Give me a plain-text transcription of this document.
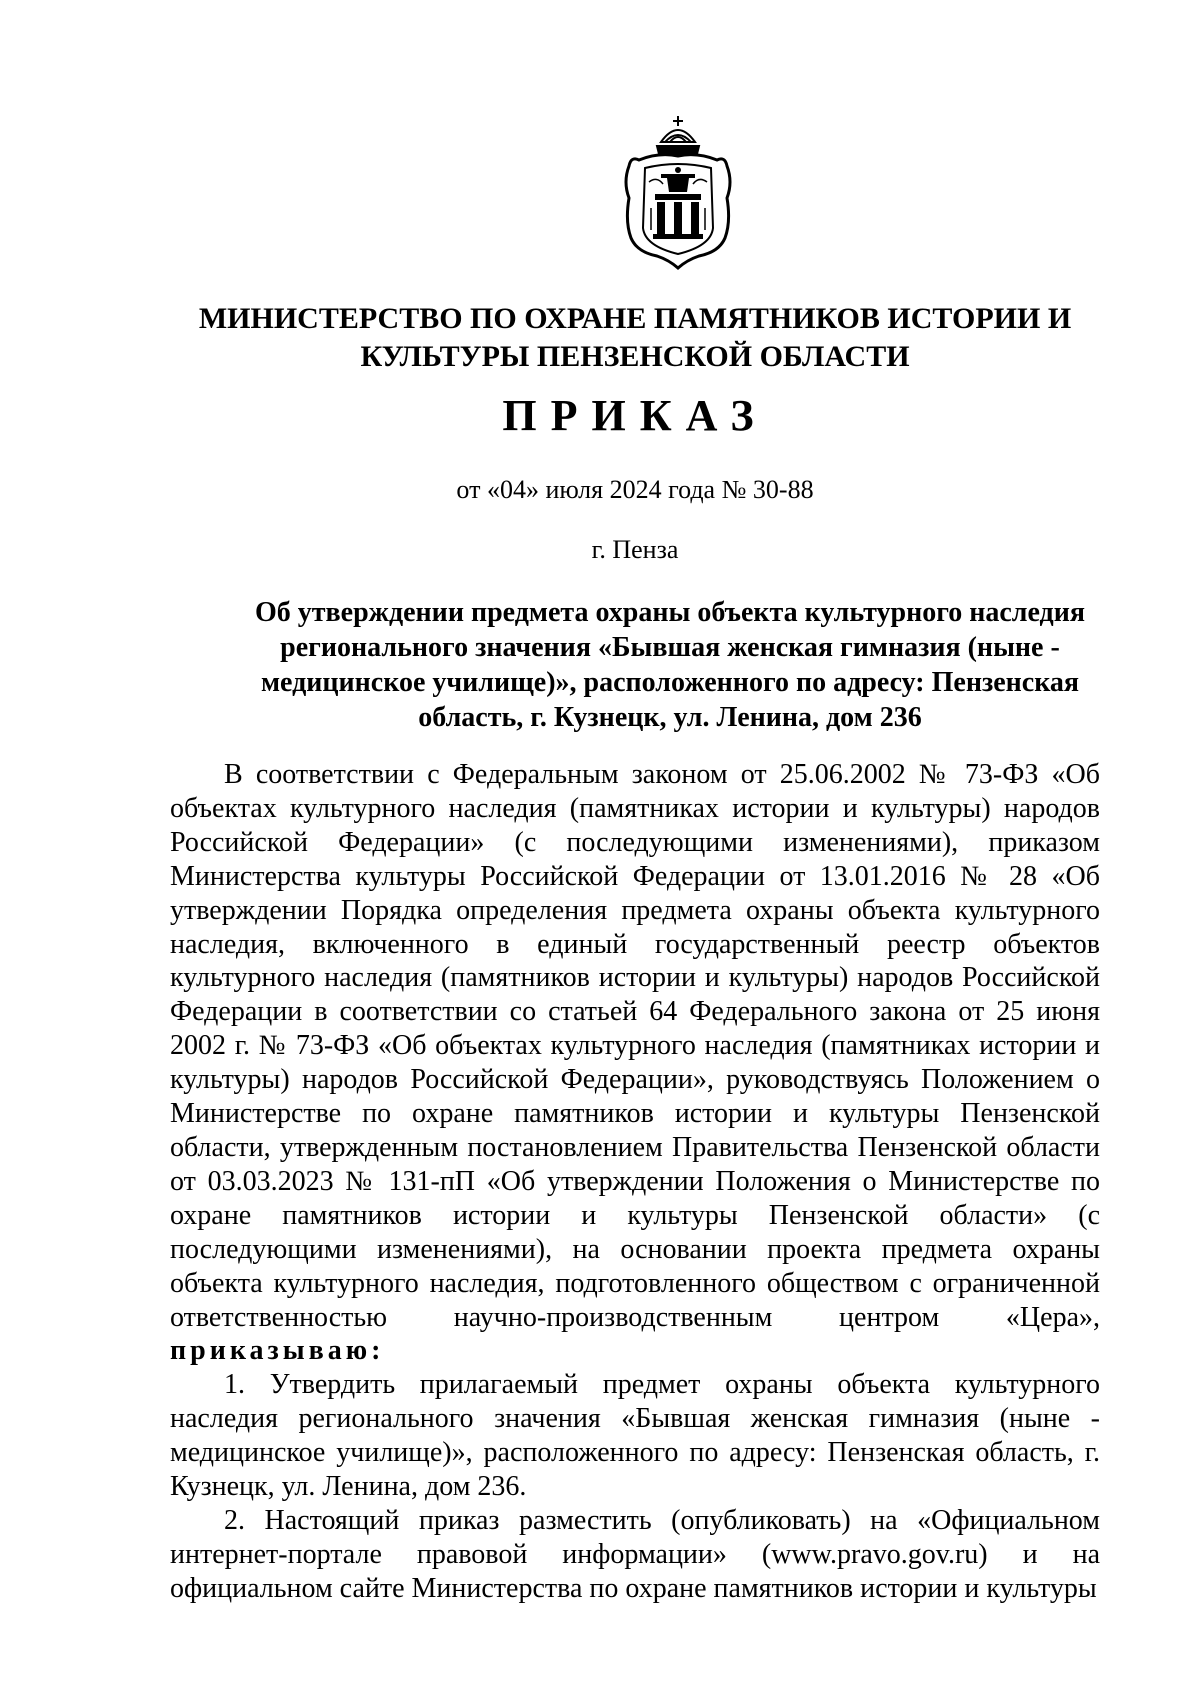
МИНИСТЕРСТВО ПО ОХРАНЕ ПАМЯТНИКОВ ИСТОРИИ И КУЛЬТУРЫ ПЕНЗЕНСКОЙ ОБЛАСТИ
ПРИКАЗ
от «04» июля 2024 года № 30-88
г. Пенза
Об утверждении предмета охраны объекта культурного наследия регионального значения «Бывшая женская гимназия (ныне - медицинское училище)», расположенного по адресу: Пензенская область, г. Кузнецк, ул. Ленина, дом 236

В соответствии с Федеральным законом от 25.06.2002 № 73-ФЗ «Об объектах культурного наследия (памятниках истории и культуры) народов Российской Федерации» (с последующими изменениями), приказом Министерства культуры Российской Федерации от 13.01.2016 № 28 «Об утверждении Порядка определения предмета охраны объекта культурного наследия, включенного в единый государственный реестр объектов культурного наследия (памятников истории и культуры) народов Российской Федерации в соответствии со статьей 64 Федерального закона от 25 июня 2002 г. № 73-ФЗ «Об объектах культурного наследия (памятниках истории и культуры) народов Российской Федерации», руководствуясь Положением о Министерстве по охране памятников истории и культуры Пензенской области, утвержденным постановлением Правительства Пензенской области от 03.03.2023 № 131-пП «Об утверждении Положения о Министерстве по охране памятников истории и культуры Пензенской области» (с последующими изменениями), на основании проекта предмета охраны объекта культурного наследия, подготовленного обществом с ограниченной ответственностью научно-производственным центром «Цера», приказываю:

1. Утвердить прилагаемый предмет охраны объекта культурного наследия регионального значения «Бывшая женская гимназия (ныне - медицинское училище)», расположенного по адресу: Пензенская область, г. Кузнецк, ул. Ленина, дом 236.

2. Настоящий приказ разместить (опубликовать) на «Официальном интернет-портале правовой информации» (www.pravo.gov.ru) и на официальном сайте Министерства по охране памятников истории и культуры
